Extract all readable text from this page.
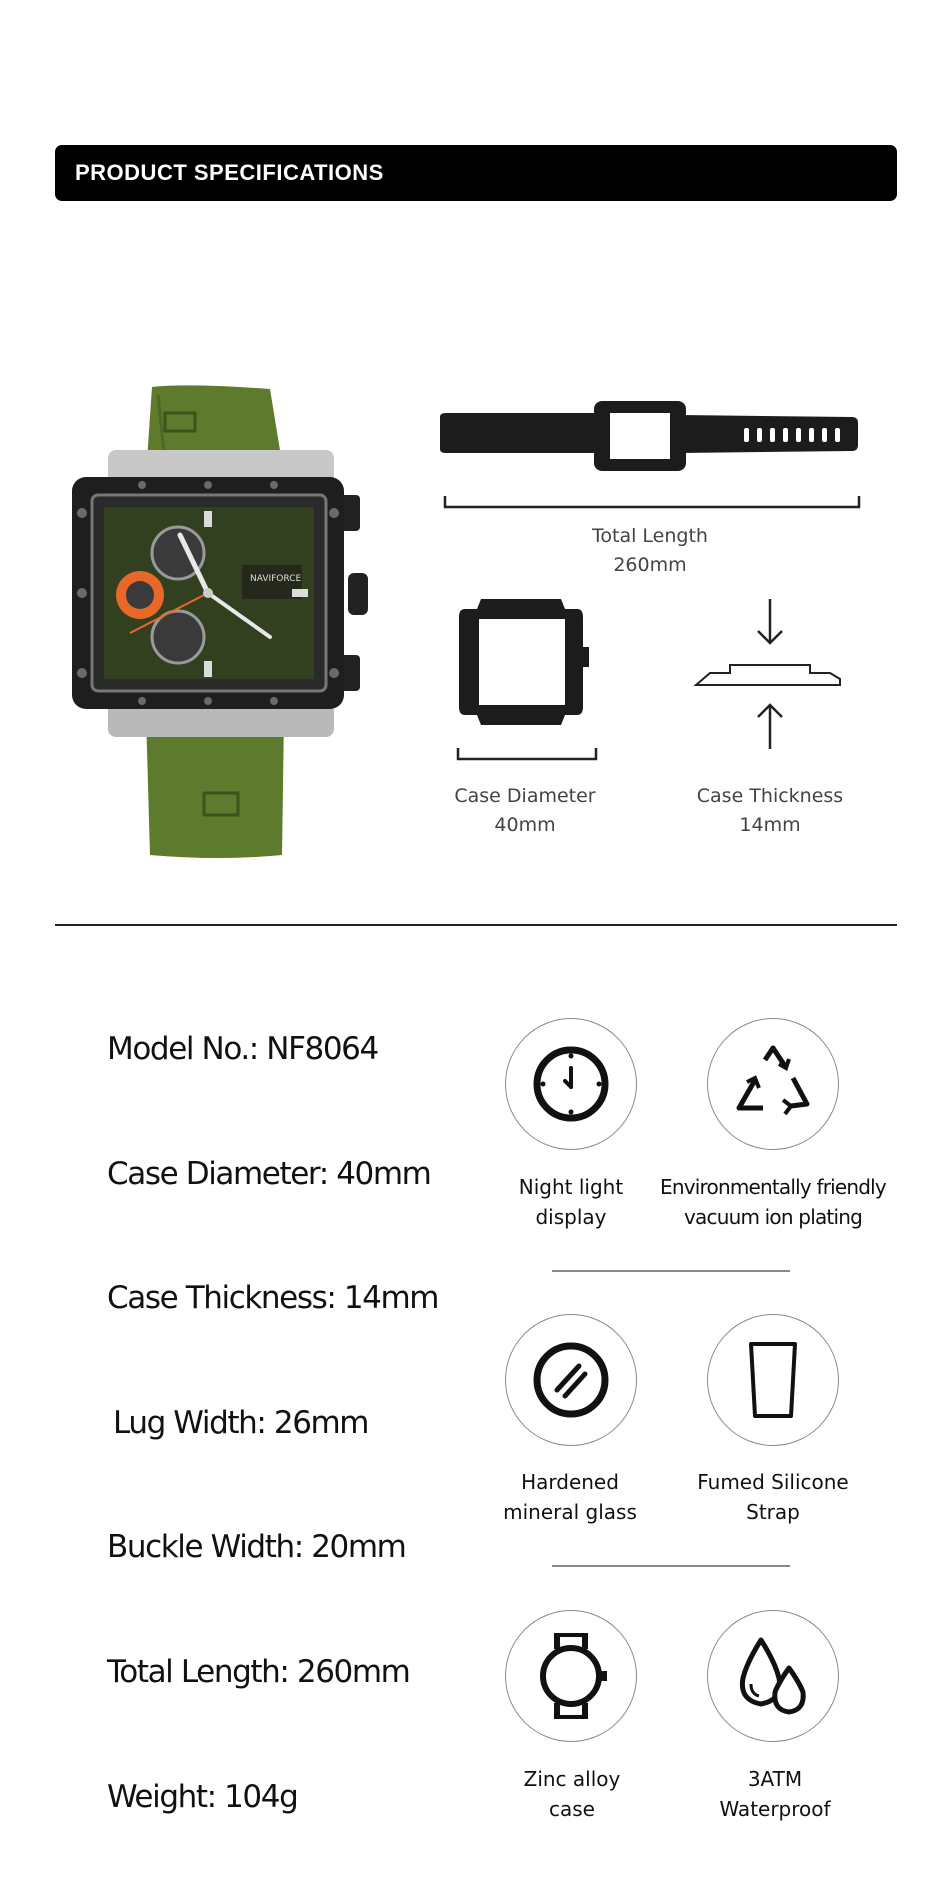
PRODUCT SPECIFICATIONS
NAVIFORCE
Total Length
260mm
Case Diameter
40mm
Case Thickness
14mm
Model No.: NF8064
Case Diameter: 40mm
Case Thickness: 14mm
Lug Width: 26mm
Buckle Width: 20mm
Total Length: 260mm
Weight: 104g
Night light
display
Environmentally friendly
vacuum ion plating
Hardened
mineral glass
Fumed Silicone
Strap
Zinc alloy
case
3ATM
Waterproof
